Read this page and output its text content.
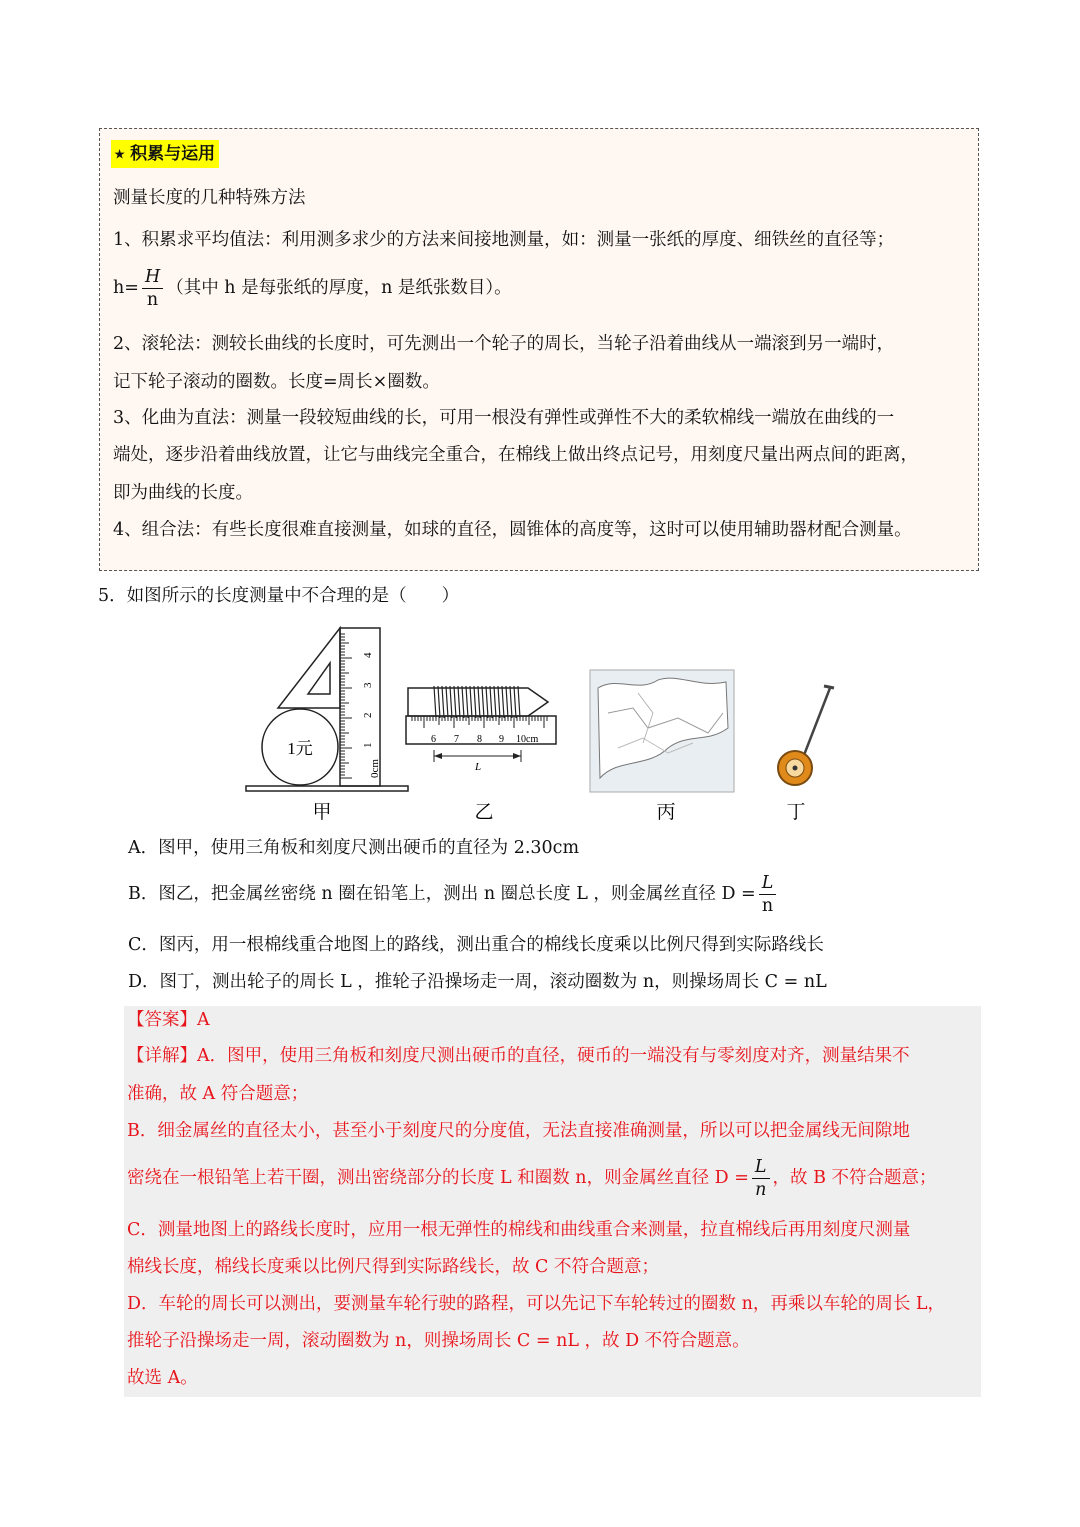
⭑ 积累与运用
测量长度的几种特殊方法
1、积累求平均值法：利用测多求少的方法来间接地测量，如：测量一张纸的厚度、细铁丝的直径等；
$h= \frac{H}{n}$ （其中 h 是每张纸的厚度，n 是纸张数目）。
2、滚轮法：测较长曲线的长度时，可先测出一个轮子的周长，当轮子沿着曲线从一端滚到另一端时，
记下轮子滚动的圈数。长度=周长×圈数。
3、化曲为直法：测量一段较短曲线的长，可用一根没有弹性或弹性不大的柔软棉线一端放在曲线的一
端处，逐步沿着曲线放置，让它与曲线完全重合，在棉线上做出终点记号，用刻度尺量出两点间的距离，
即为曲线的长度。
4、组合法：有些长度很难直接测量，如球的直径，圆锥体的高度等，这时可以使用辅助器材配合测量。
5．如图所示的长度测量中不合理的是（　　）
1元
0cm
1
2
3
4
6 7 8 9 10cm
L
甲	乙	丙	丁
A．图甲，使用三角板和刻度尺测出硬币的直径为 2.30cm
B．图乙，把金属丝密绕 n 圈在铅笔上，测出 n 圈总长度 L ，则金属丝直径 $D = \frac{L}{n}$
C．图丙，用一根棉线重合地图上的路线，测出重合的棉线长度乘以比例尺得到实际路线长
D．图丁，测出轮子的周长 L ，推轮子沿操场走一周，滚动圈数为 n，则操场周长 C = nL
【答案】A
【详解】A．图甲，使用三角板和刻度尺测出硬币的直径，硬币的一端没有与零刻度对齐，测量结果不
准确，故 A 符合题意；
B．细金属丝的直径太小，甚至小于刻度尺的分度值，无法直接准确测量，所以可以把金属线无间隙地
密绕在一根铅笔上若干圈，测出密绕部分的长度 L 和圈数 n，则金属丝直径 $D = \frac{L}{n}$ ，故 B 不符合题意；
C．测量地图上的路线长度时，应用一根无弹性的棉线和曲线重合来测量，拉直棉线后再用刻度尺测量
棉线长度，棉线长度乘以比例尺得到实际路线长，故 C 不符合题意；
D．车轮的周长可以测出，要测量车轮行驶的路程，可以先记下车轮转过的圈数 n，再乘以车轮的周长 L，
推轮子沿操场走一周，滚动圈数为 n，则操场周长 C = nL ，故 D 不符合题意。
故选 A。
